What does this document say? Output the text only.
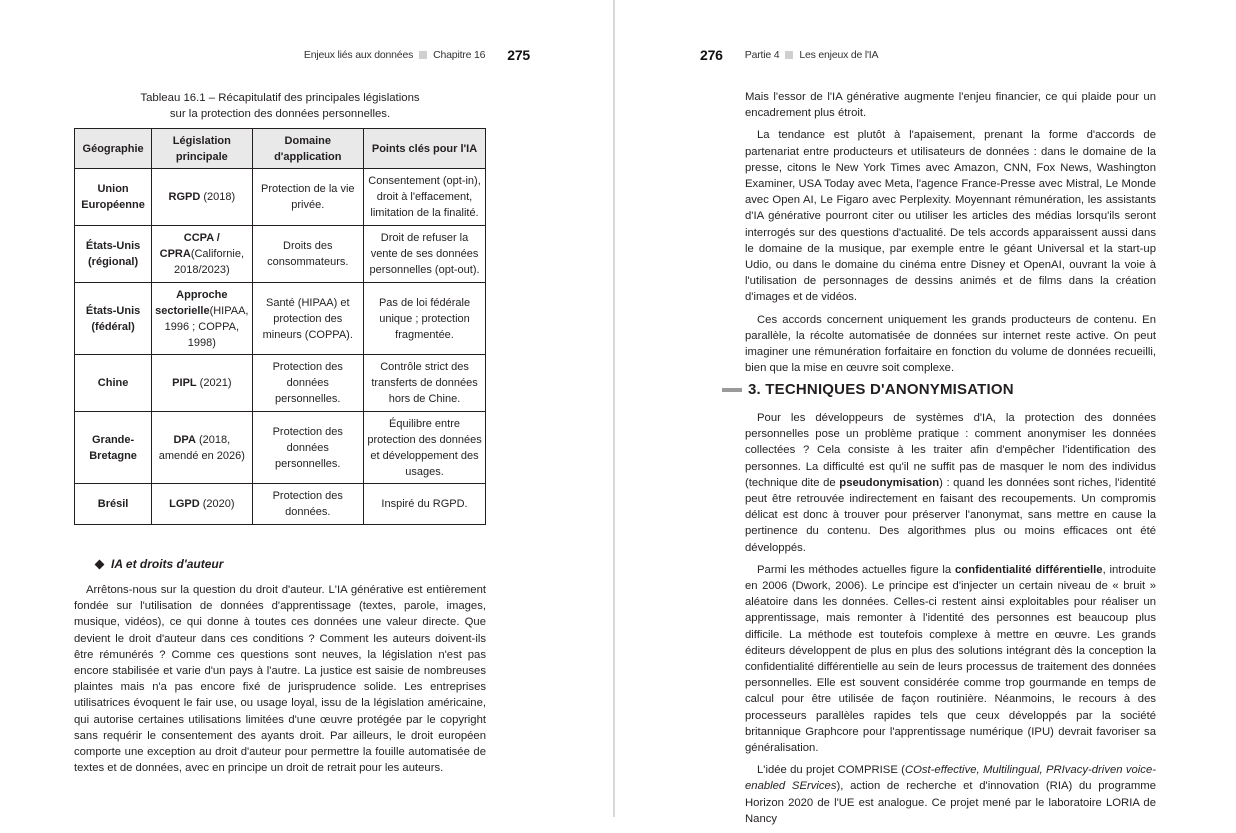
Enjeux liés aux données Chapitre 16 275
Tableau 16.1 – Récapitulatif des principales législations
sur la protection des données personnelles.
Géographie	Législation principale	Domaine d'application	Points clés pour l'IA

Union Européenne	RGPD (2018)	Protection de la vie privée.	Consentement (opt-in), droit à l'effacement, limitation de la finalité.

États-Unis
(régional)	CCPA / CPRA(Californie, 2018/2023)	Droits des consommateurs.	Droit de refuser la vente de ses données personnelles (opt-out).

États-Unis
(fédéral)	Approche sectorielle(HIPAA, 1996 ; COPPA, 1998)	Santé (HIPAA) et protection des mineurs (COPPA).	Pas de loi fédérale unique ; protection fragmentée.

Chine	PIPL (2021)	Protection des données personnelles.	Contrôle strict des transferts de données hors de Chine.

Grande-Bretagne	DPA (2018, amendé en 2026)	Protection des données personnelles.	Équilibre entre protection des données et développement des usages.

Brésil	LGPD (2020)	Protection des données.	Inspiré du RGPD.
IA et droits d'auteur

Arrêtons-nous sur la question du droit d'auteur. L'IA générative est entièrement fondée sur l'utilisation de données d'apprentissage (textes, parole, images, musique, vidéos), ce qui donne à toutes ces données une valeur directe. Que devient le droit d'auteur dans ces conditions ? Comment les auteurs doivent-ils être rémunérés ? Comme ces questions sont neuves, la législation n'est pas encore stabilisée et varie d'un pays à l'autre. La justice est saisie de nombreuses plaintes mais n'a pas encore fixé de jurisprudence solide. Les entreprises utilisatrices évoquent le fair use, ou usage loyal, issu de la législation américaine, qui autorise certaines utilisations limitées d'une œuvre protégée par le copyright sans requérir le consentement des ayants droit. Par ailleurs, le droit européen comporte une exception au droit d'auteur pour permettre la fouille automatisée de textes et de données, avec en principe un droit de retrait pour les auteurs.

276 Partie 4 Les enjeux de l'IA

Mais l'essor de l'IA générative augmente l'enjeu financier, ce qui plaide pour un encadrement plus étroit.

La tendance est plutôt à l'apaisement, prenant la forme d'accords de partenariat entre producteurs et utilisateurs de données : dans le domaine de la presse, citons le New York Times avec Amazon, CNN, Fox News, Washington Examiner, USA Today avec Meta, l'agence France-Presse avec Mistral, Le Monde avec Open AI, Le Figaro avec Perplexity. Moyennant rémunération, les assistants d'IA générative pourront citer ou utiliser les articles des médias lorsqu'ils seront interrogés sur des questions d'actualité. De tels accords apparaissent aussi dans le domaine de la musique, par exemple entre le géant Universal et la start-up Udio, ou dans le domaine du cinéma entre Disney et OpenAI, ouvrant la voie à l'utilisation de personnages de dessins animés et de films dans la création d'images et de vidéos.

Ces accords concernent uniquement les grands producteurs de contenu. En parallèle, la récolte automatisée de données sur internet reste active. On peut imaginer une rémunération forfaitaire en fonction du volume de données recueilli, bien que la mise en œuvre soit complexe.

3. TECHNIQUES D'ANONYMISATION

Pour les développeurs de systèmes d'IA, la protection des données personnelles pose un problème pratique : comment anonymiser les données collectées ? Cela consiste à les traiter afin d'empêcher l'identification des personnes. La difficulté est qu'il ne suffit pas de masquer le nom des individus (technique dite de pseudonymisation) : quand les données sont riches, l'identité peut être retrouvée indirectement en faisant des recoupements. Un compromis délicat est donc à trouver pour préserver l'anonymat, sans mettre en cause la pertinence du contenu. Des algorithmes plus ou moins efficaces ont été développés.

Parmi les méthodes actuelles figure la confidentialité différentielle, introduite en 2006 (Dwork, 2006). Le principe est d'injecter un certain niveau de « bruit » aléatoire dans les données. Celles-ci restent ainsi exploitables pour réaliser un apprentissage, mais remonter à l'identité des personnes est beaucoup plus difficile. La méthode est toutefois complexe à mettre en œuvre. Les grands éditeurs développent de plus en plus des solutions intégrant dès la conception la confidentialité différentielle au sein de leurs processus de traitement des données personnelles. Elle est souvent considérée comme trop gourmande en temps de calcul pour être utilisée de façon routinière. Néanmoins, le recours à des processeurs parallèles rapides tels que ceux développés par la société britannique Graphcore pour l'apprentissage numérique (IPU) devrait favoriser sa généralisation.

L'idée du projet COMPRISE (COst-effective, Multilingual, PRIvacy-driven voice-enabled SErvices), action de recherche et d'innovation (RIA) du programme Horizon 2020 de l'UE est analogue. Ce projet mené par le laboratoire LORIA de Nancy
